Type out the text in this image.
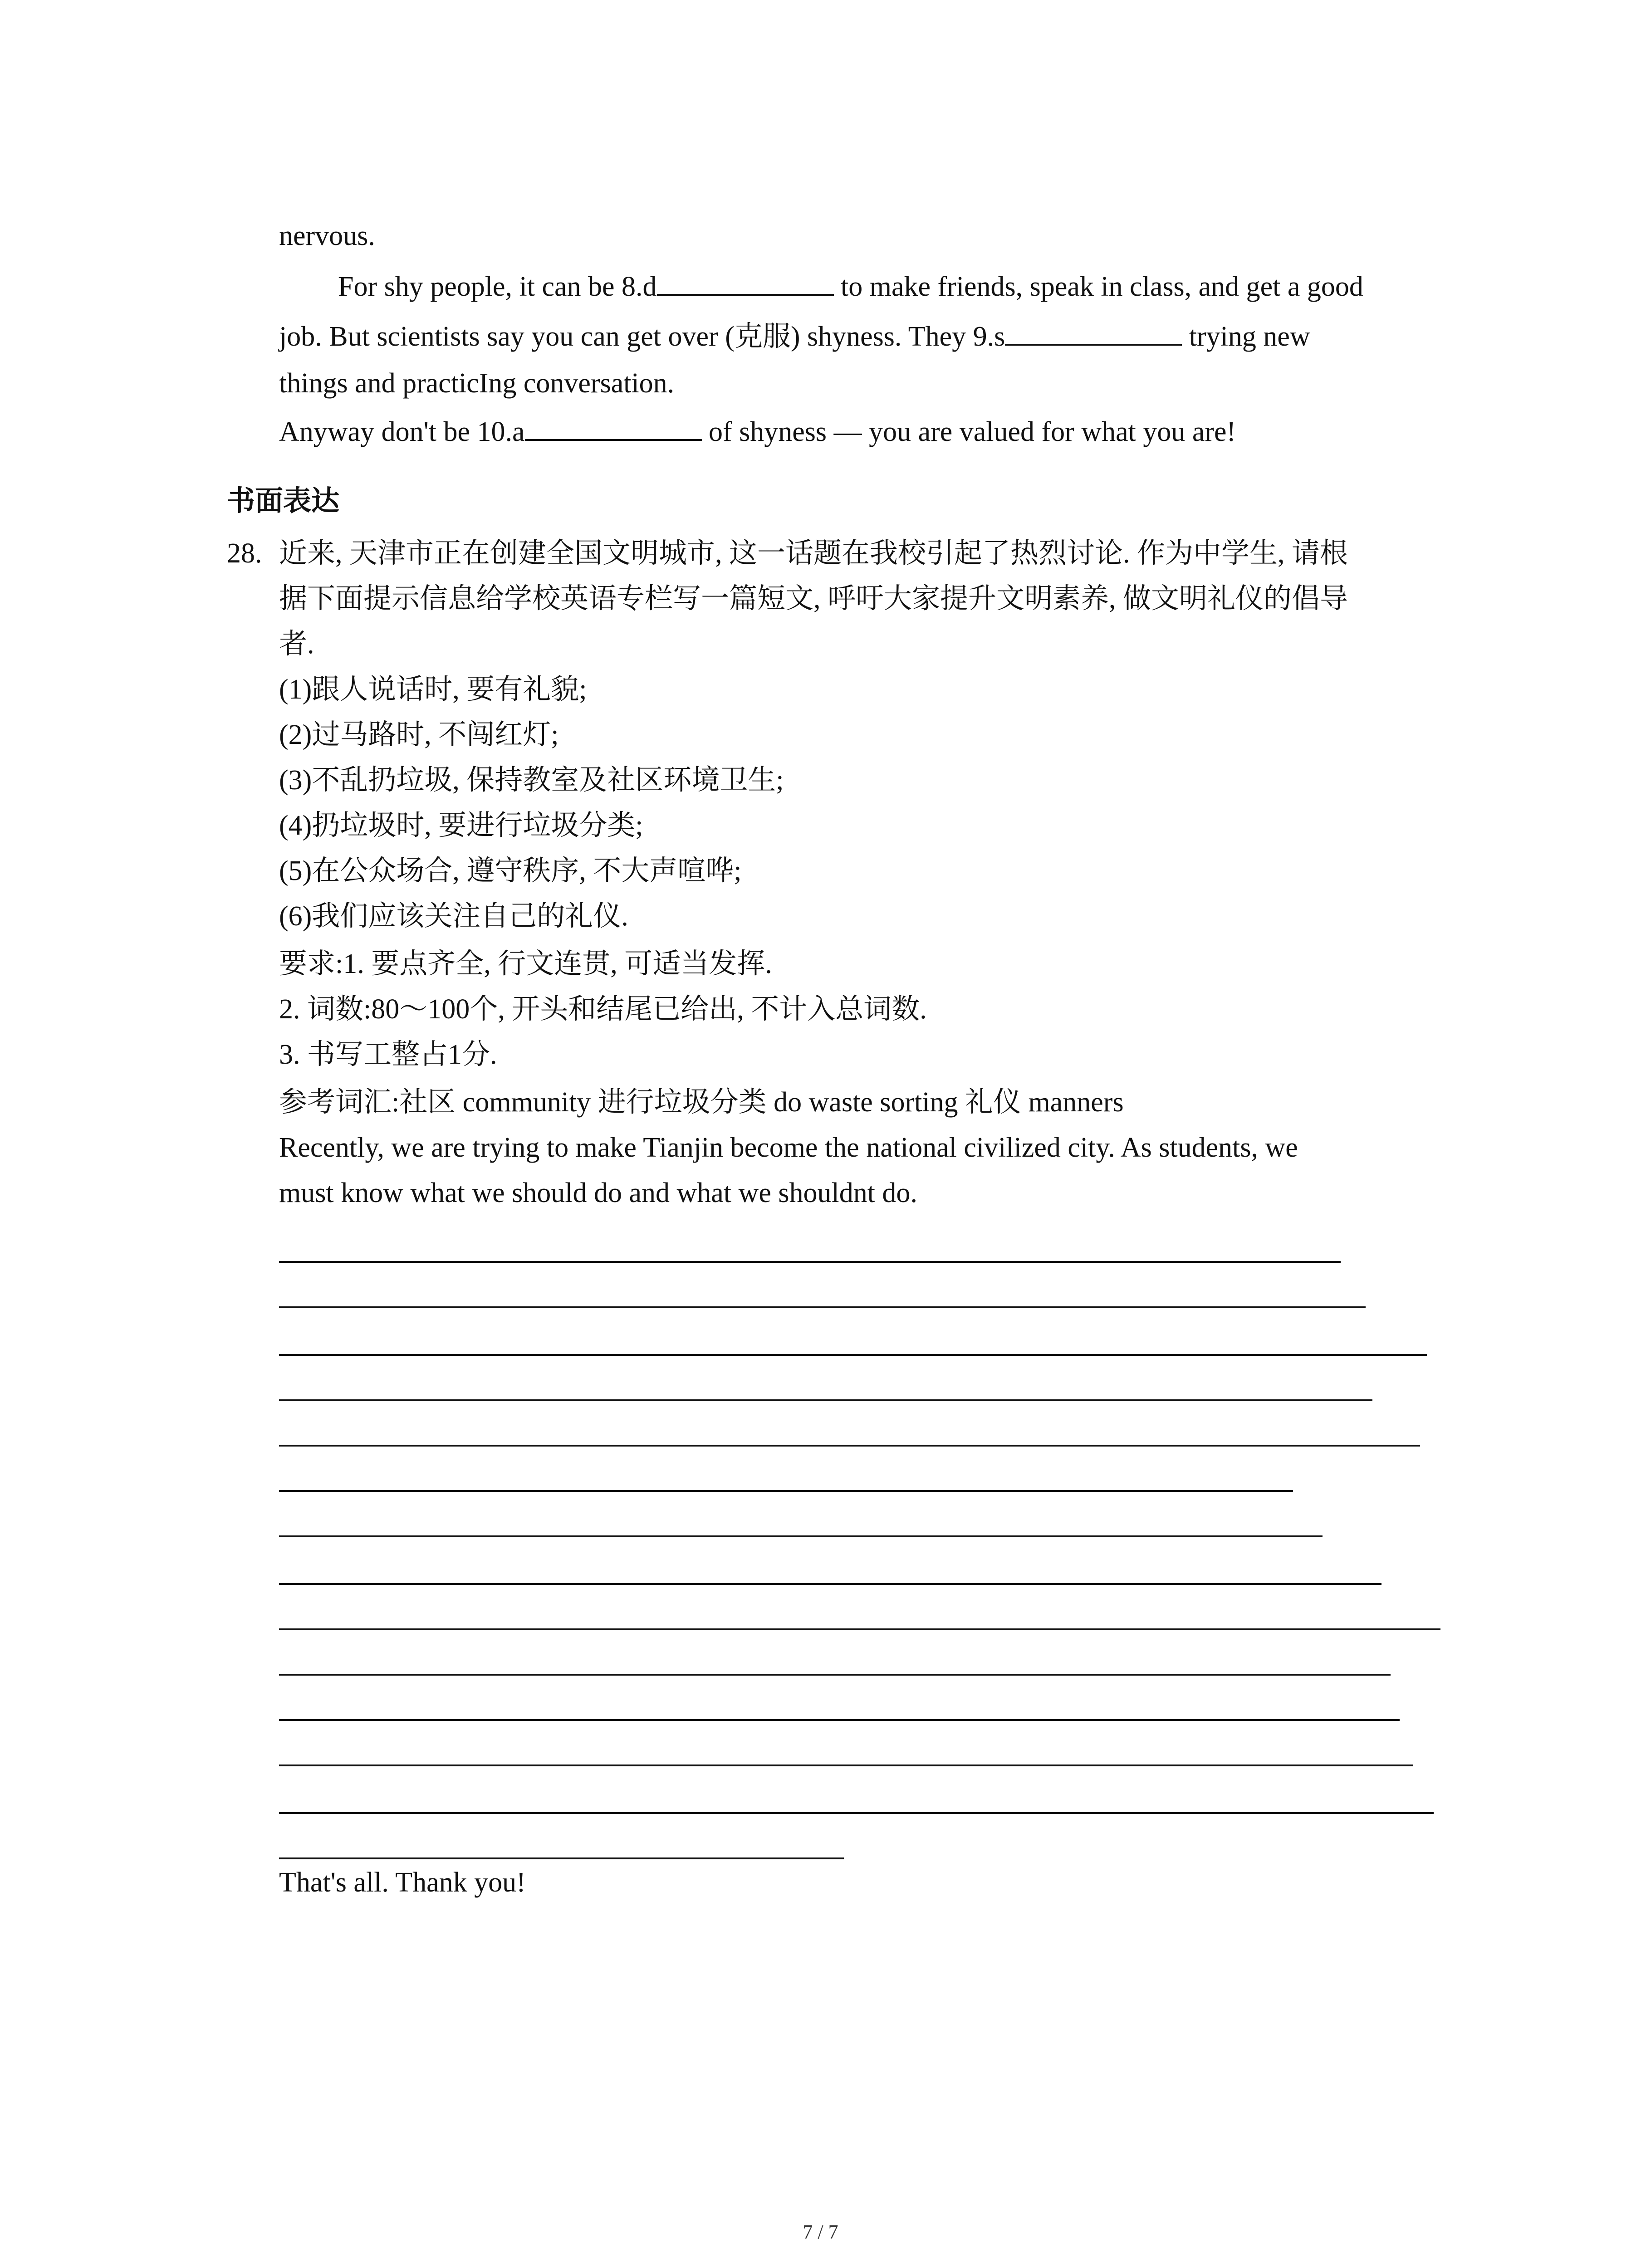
nervous.
For shy people, it can be 8.d	to make friends, speak in class, and get a good
job. But scientists say you can get over (克服) shyness. They 9.s	trying new
things and practicIng conversation.
Anyway don't be 10.a	of shyness — you are valued for what you are!
书面表达
28. 近来, 天津市正在创建全国文明城市, 这一话题在我校引起了热烈讨论. 作为中学生, 请根
据下面提示信息给学校英语专栏写一篇短文, 呼吁大家提升文明素养, 做文明礼仪的倡导
者.
(1)跟人说话时, 要有礼貌;
(2)过马路时, 不闯红灯;
(3)不乱扔垃圾, 保持教室及社区环境卫生;
(4)扔垃圾时, 要进行垃圾分类;
(5)在公众场合, 遵守秩序, 不大声喧哗;
(6)我们应该关注自己的礼仪.
要求:1. 要点齐全, 行文连贯, 可适当发挥.
2. 词数:80～100个, 开头和结尾已给出, 不计入总词数.
3. 书写工整占1分.
参考词汇:社区 community 进行垃圾分类 do waste sorting 礼仪 manners
Recently, we are trying to make Tianjin become the national civilized city. As students, we
must know what we should do and what we shouldnt do.
That's all. Thank you!
7 / 7
